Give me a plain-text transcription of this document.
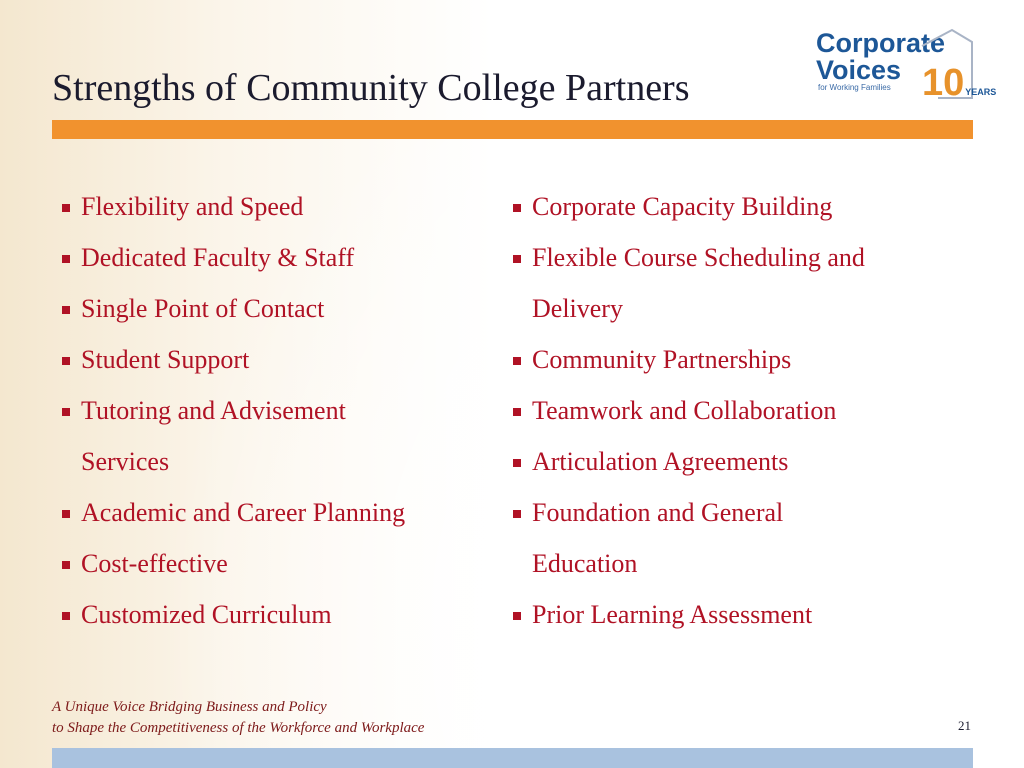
Strengths of Community College Partners
Corporate
Voices
for Working Families 10YEARS
Flexibility and Speed
Dedicated Faculty & Staff
Single Point of Contact
Student Support
Tutoring and Advisement
Services
Academic and Career Planning
Cost-effective
Customized Curriculum
Corporate Capacity Building
Flexible Course Scheduling and
Delivery
Community Partnerships
Teamwork and Collaboration
Articulation Agreements
Foundation and General
Education
Prior Learning Assessment
A Unique Voice Bridging Business and Policy
to Shape the Competitiveness of the Workforce and Workplace	21
